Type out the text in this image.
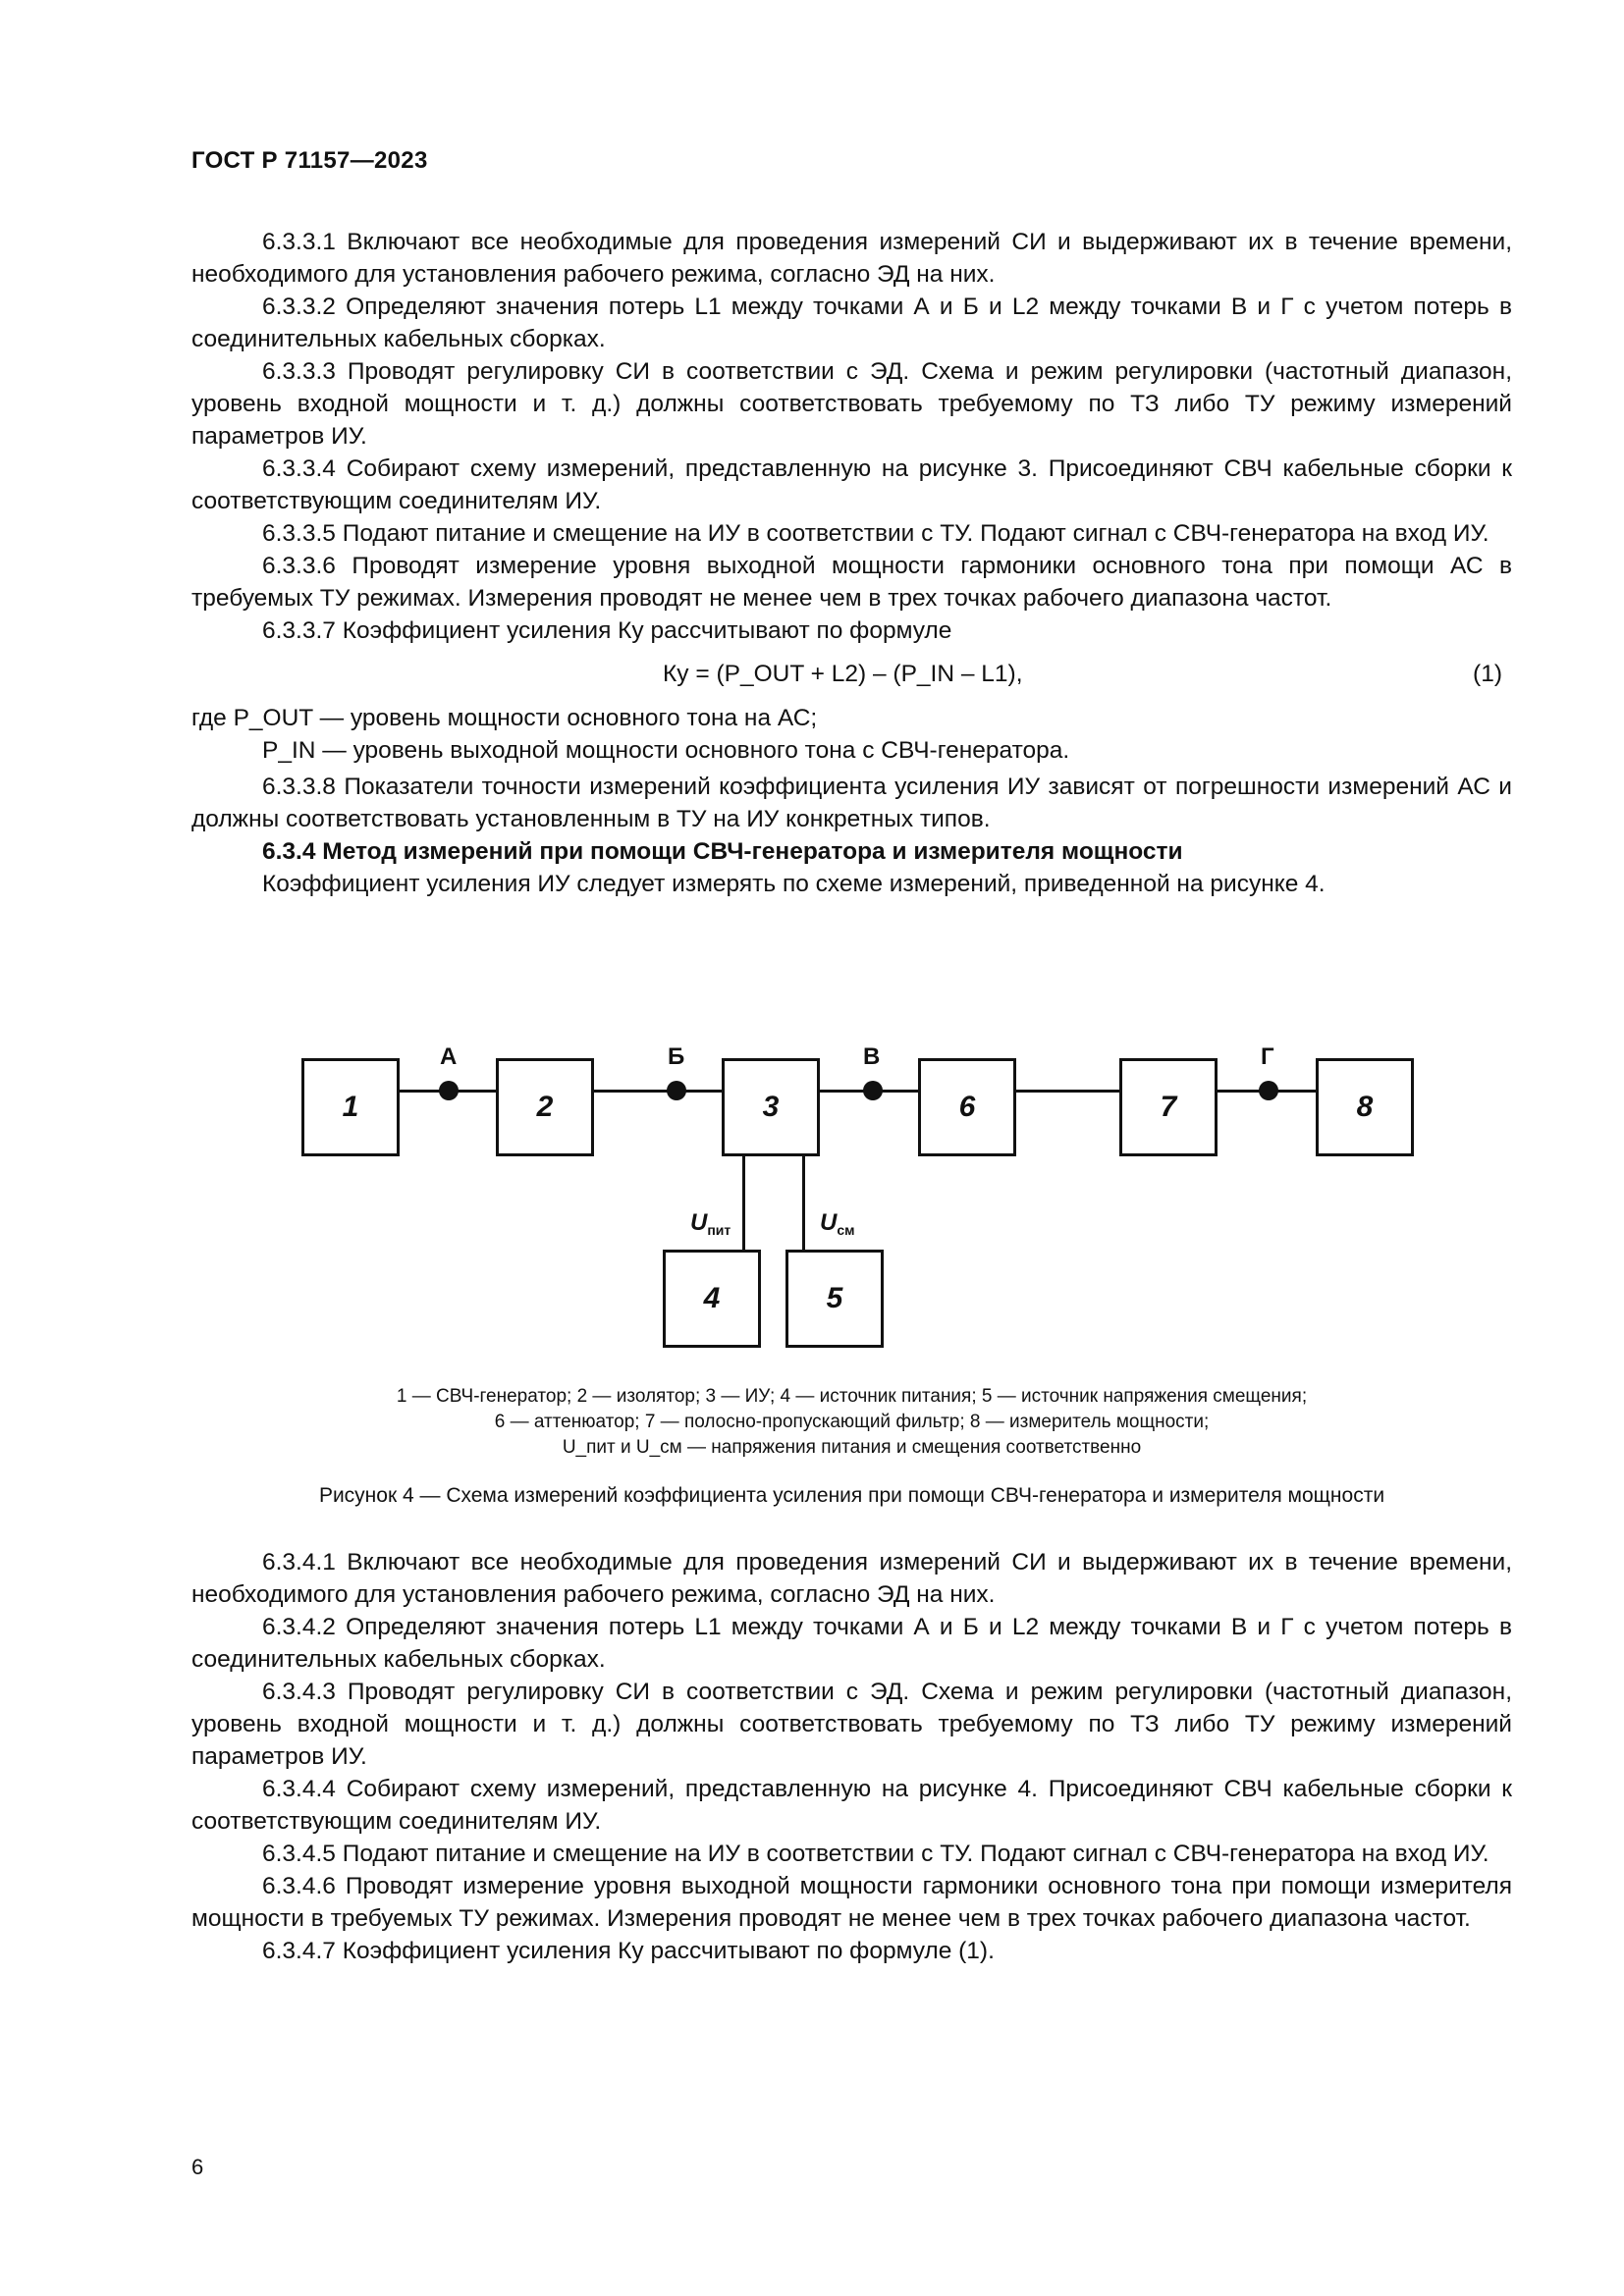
ГОСТ Р 71157—2023

6.3.3.1 Включают все необходимые для проведения измерений СИ и выдерживают их в течение времени, необходимого для установления рабочего режима, согласно ЭД на них.

6.3.3.2 Определяют значения потерь L1 между точками А и Б и L2 между точками В и Г с учетом потерь в соединительных кабельных сборках.

6.3.3.3 Проводят регулировку СИ в соответствии с ЭД. Схема и режим регулировки (частотный диапазон, уровень входной мощности и т. д.) должны соответствовать требуемому по ТЗ либо ТУ режиму измерений параметров ИУ.

6.3.3.4 Собирают схему измерений, представленную на рисунке 3. Присоединяют СВЧ кабельные сборки к соответствующим соединителям ИУ.

6.3.3.5 Подают питание и смещение на ИУ в соответствии с ТУ. Подают сигнал с СВЧ-генератора на вход ИУ.

6.3.3.6 Проводят измерение уровня выходной мощности гармоники основного тона при помощи АС в требуемых ТУ режимах. Измерения проводят не менее чем в трех точках рабочего диапазона частот.

6.3.3.7 Коэффициент усиления Ку рассчитывают по формуле

Ку = (P_OUT + L2) – (P_IN – L1),	(1)

где P_OUT — уровень мощности основного тона на АС;

P_IN — уровень выходной мощности основного тона с СВЧ-генератора.

6.3.3.8 Показатели точности измерений коэффициента усиления ИУ зависят от погрешности измерений АС и должны соответствовать установленным в ТУ на ИУ конкретных типов.

6.3.4 Метод измерений при помощи СВЧ-генератора и измерителя мощности

Коэффициент усиления ИУ следует измерять по схеме измерений, приведенной на рисунке 4.

1	2	3	6	7	8
4	5
А	Б	В	Г
$U_{пит}$	$U_{см}$
1 — СВЧ-генератор; 2 — изолятор; 3 — ИУ; 4 — источник питания; 5 — источник напряжения смещения;
6 — аттенюатор; 7 — полосно-пропускающий фильтр; 8 — измеритель мощности;
U_пит и U_см — напряжения питания и смещения соответственно
Рисунок 4 — Схема измерений коэффициента усиления при помощи СВЧ-генератора и измерителя мощности

6.3.4.1 Включают все необходимые для проведения измерений СИ и выдерживают их в течение времени, необходимого для установления рабочего режима, согласно ЭД на них.

6.3.4.2 Определяют значения потерь L1 между точками А и Б и L2 между точками В и Г с учетом потерь в соединительных кабельных сборках.

6.3.4.3 Проводят регулировку СИ в соответствии с ЭД. Схема и режим регулировки (частотный диапазон, уровень входной мощности и т. д.) должны соответствовать требуемому по ТЗ либо ТУ режиму измерений параметров ИУ.

6.3.4.4 Собирают схему измерений, представленную на рисунке 4. Присоединяют СВЧ кабельные сборки к соответствующим соединителям ИУ.

6.3.4.5 Подают питание и смещение на ИУ в соответствии с ТУ. Подают сигнал с СВЧ-генератора на вход ИУ.

6.3.4.6 Проводят измерение уровня выходной мощности гармоники основного тона при помощи измерителя мощности в требуемых ТУ режимах. Измерения проводят не менее чем в трех точках рабочего диапазона частот.

6.3.4.7 Коэффициент усиления Ку рассчитывают по формуле (1).

6
